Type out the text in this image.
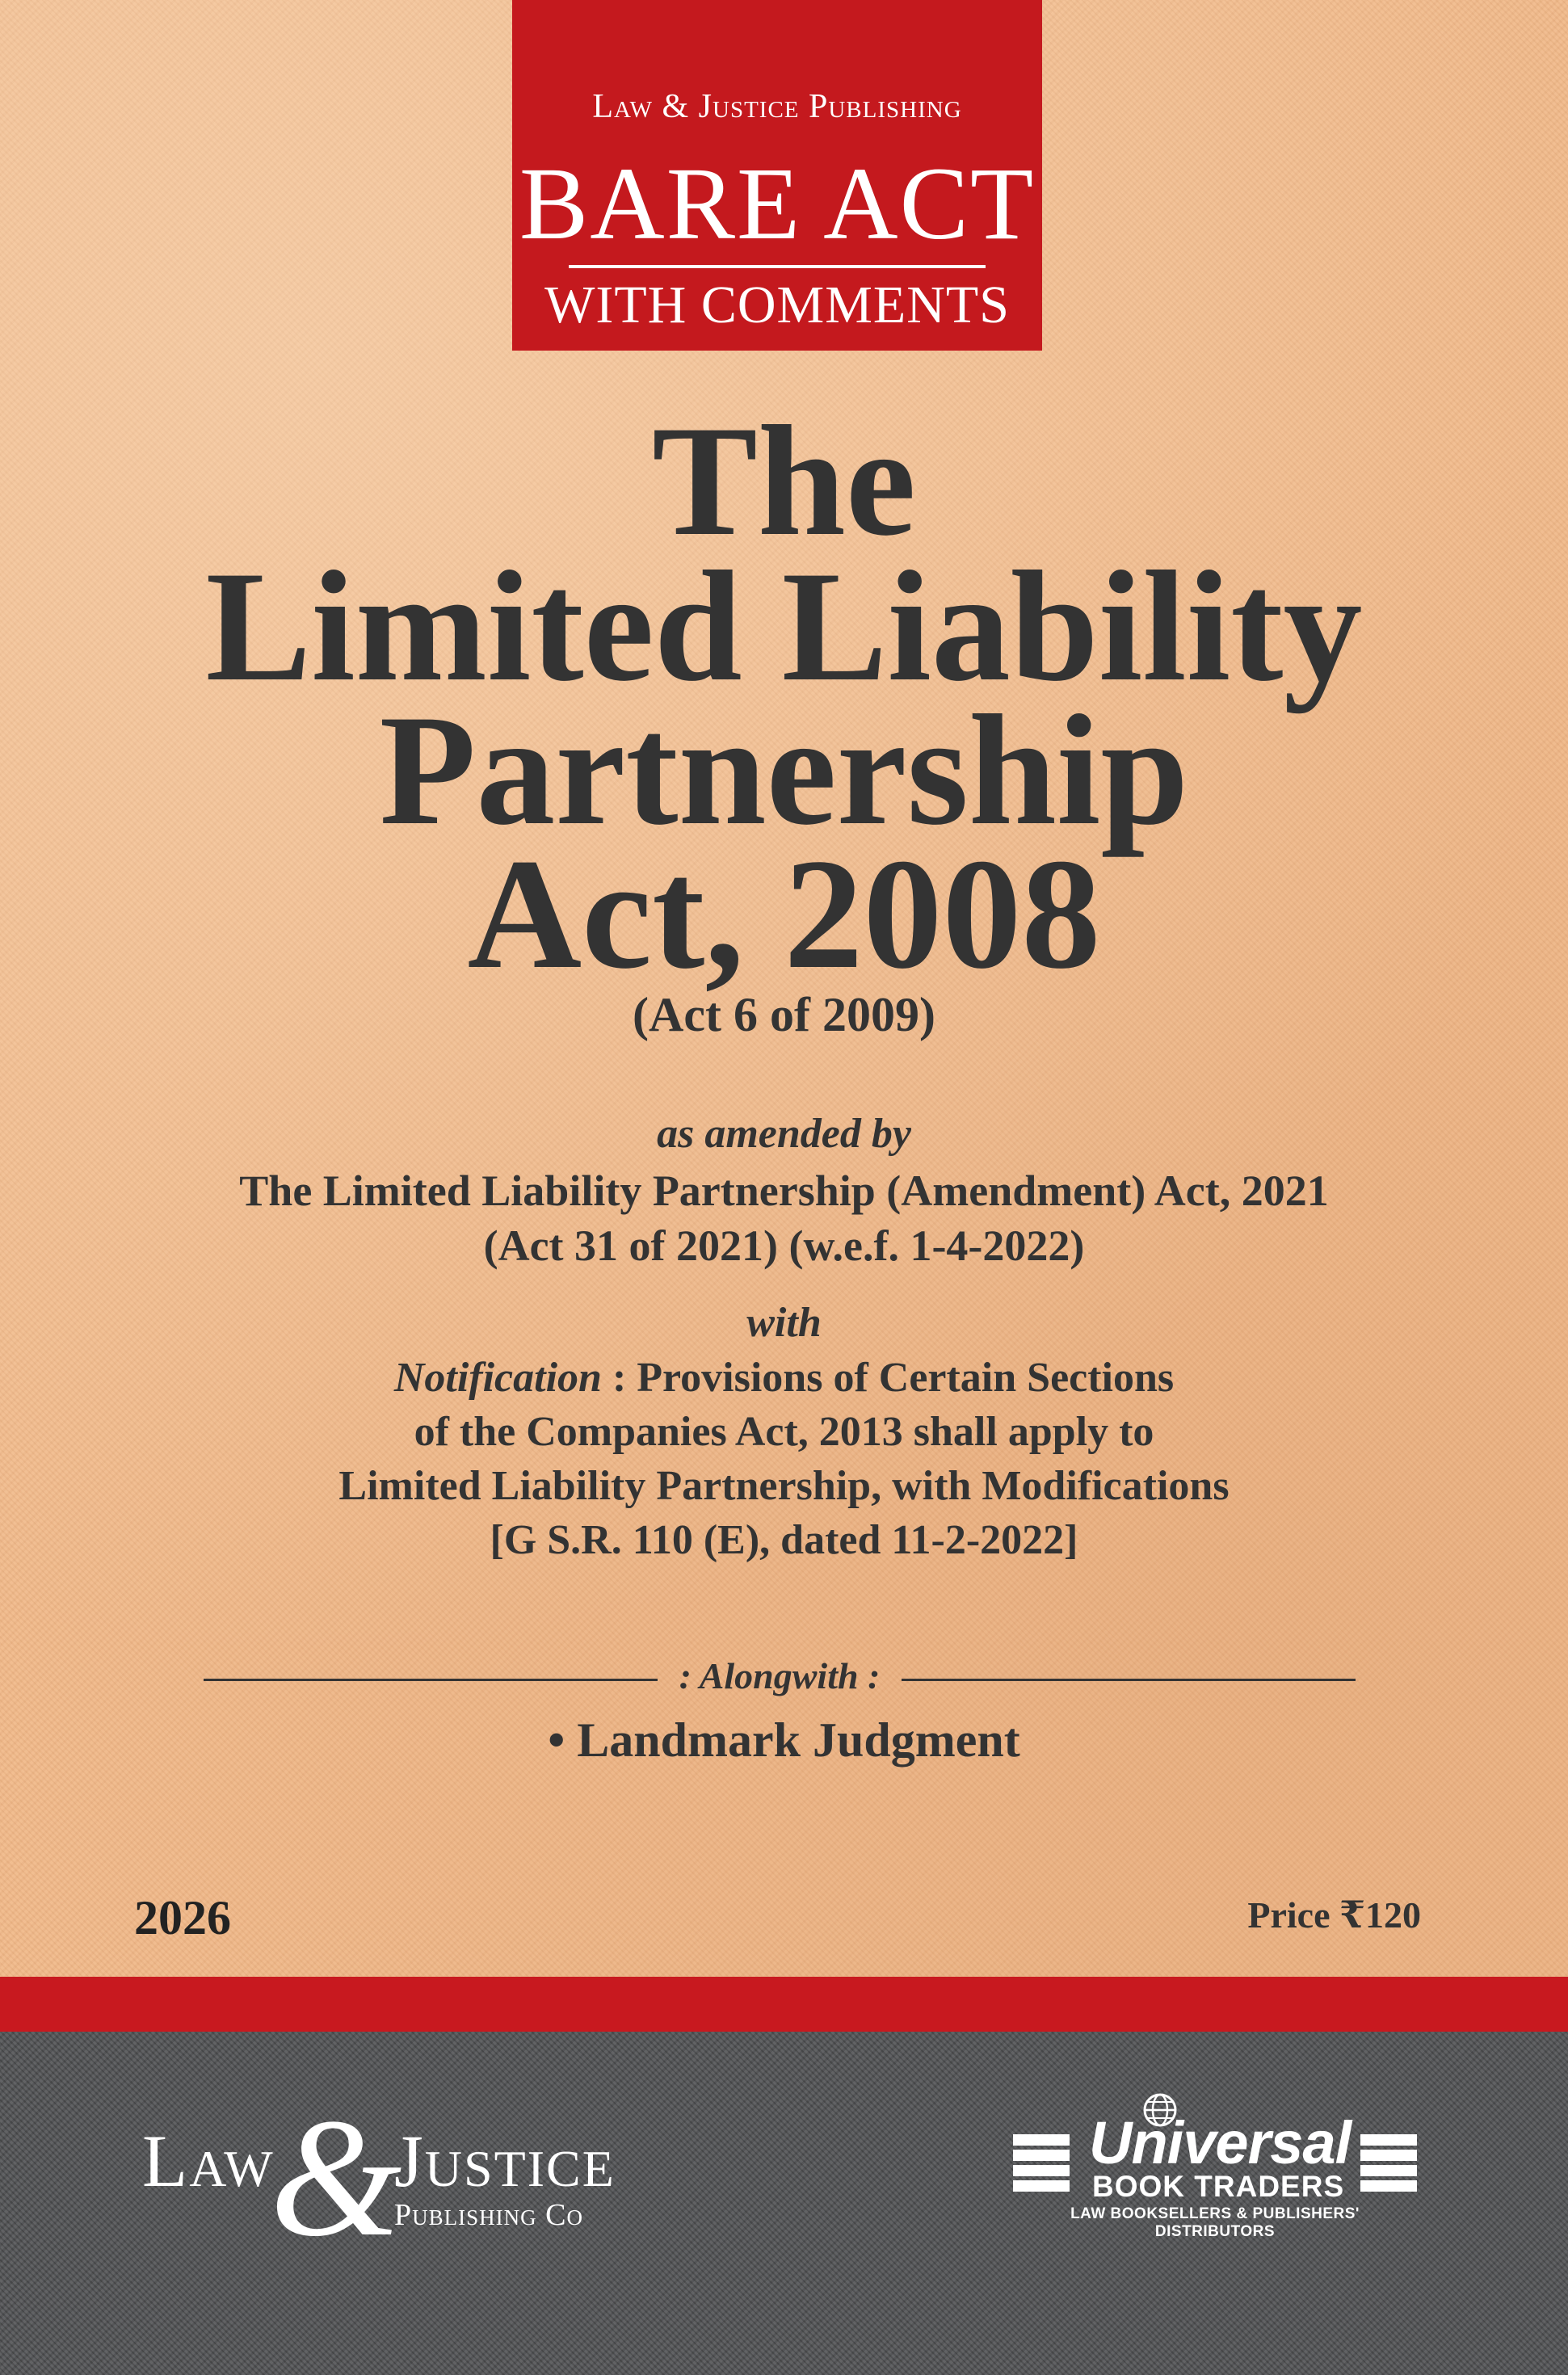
Law & Justice Publishing
BARE ACT
WITH COMMENTS
The
Limited Liability
Partnership
Act, 2008
(Act 6 of 2009)
as amended by
The Limited Liability Partnership (Amendment) Act, 2021
(Act 31 of 2021) (w.e.f. 1-4-2022)
with
Notification : Provisions of Certain Sections
of the Companies Act, 2013 shall apply to
Limited Liability Partnership, with Modifications
[G S.R. 110 (E), dated 11-2-2022]
: Alongwith :
• Landmark Judgment
2026	Price ₹120
Law
&
Justice
Publishing Co
Universal
BOOK TRADERS
LAW BOOKSELLERS & PUBLISHERS' DISTRIBUTORS
